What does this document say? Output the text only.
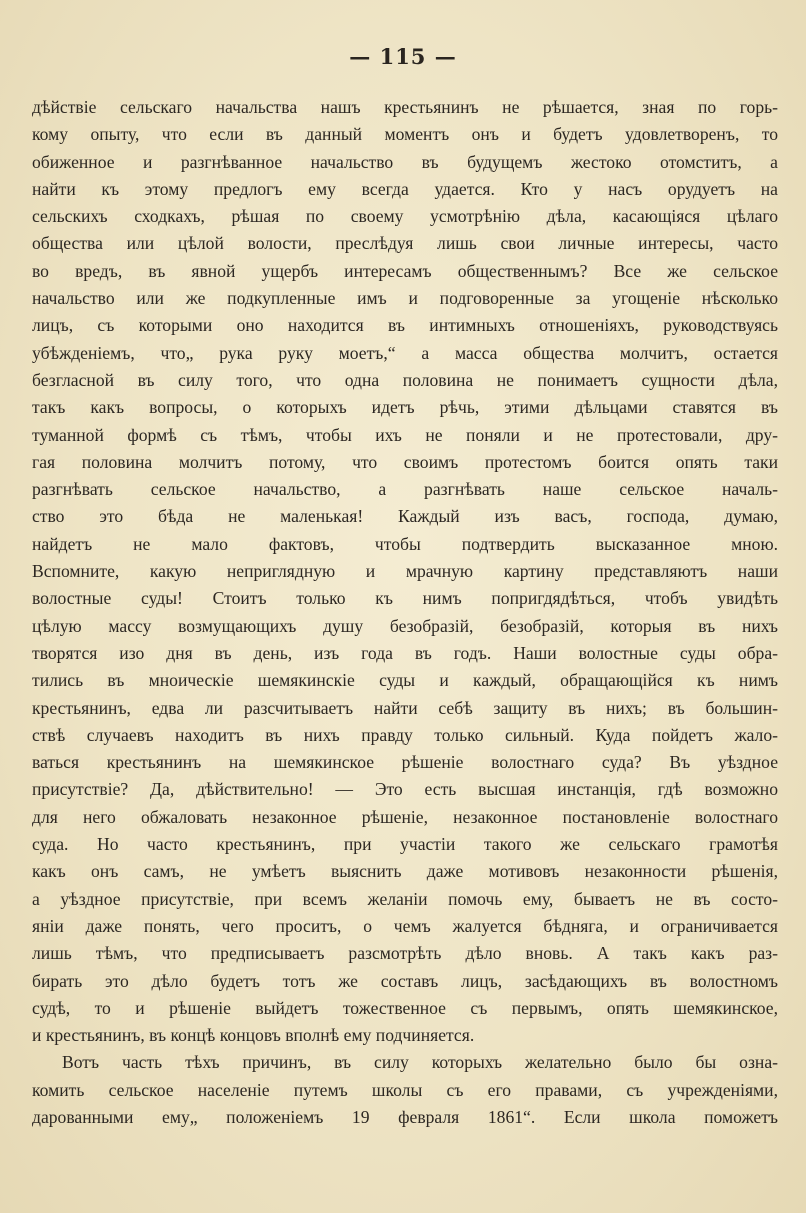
— 115 —
дѣйствіе сельскаго начальства нашъ крестьянинъ не рѣшается, зная по горь-
кому опыту, что если въ данный моментъ онъ и будетъ удовлетворенъ, то
обиженное и разгнѣванное начальство въ будущемъ жестоко отомститъ, а
найти къ этому предлогъ ему всегда удается. Кто у насъ орудуетъ на
сельскихъ сходкахъ, рѣшая по своему усмотрѣнію дѣла, касающіяся цѣлаго
общества или цѣлой волости, преслѣдуя лишь свои личные интересы, часто
во вредъ, въ явной ущербъ интересамъ общественнымъ? Все же сельское
начальство или же подкупленные имъ и подговоренные за угощеніе нѣсколько
лицъ, съ которыми оно находится въ интимныхъ отношеніяхъ, руководствуясь
убѣжденіемъ, что„ рука руку моетъ,“ а масса общества молчитъ, остается
безгласной въ силу того, что одна половина не понимаетъ сущности дѣла,
такъ какъ вопросы, о которыхъ идетъ рѣчь, этими дѣльцами ставятся въ
туманной формѣ съ тѣмъ, чтобы ихъ не поняли и не протестовали, дру-
гая половина молчитъ потому, что своимъ протестомъ боится опять таки
разгнѣвать сельское начальство, а разгнѣвать наше сельское началь-
ство это бѣда не маленькая! Каждый изъ васъ, господа, думаю,
найдетъ не мало фактовъ, чтобы подтвердить высказанное мною.
Вспомните, какую неприглядную и мрачную картину представляютъ наши
волостные суды! Стоитъ только къ нимъ попригдядѣться, чтобъ увидѣть
цѣлую массу возмущающихъ душу безобразій, безобразій, которыя въ нихъ
творятся изо дня въ день, изъ года въ годъ. Наши волостные суды обра-
тились въ мнoическіе шемякинскіе суды и каждый, обращающійся къ нимъ
крестьянинъ, едва ли разсчитываетъ найти себѣ защиту въ нихъ; въ большин-
ствѣ случаевъ находитъ въ нихъ правду только сильный. Куда пойдетъ жало-
ваться крестьянинъ на шемякинское рѣшеніе волостнаго суда? Въ уѣздное
присутствіе? Да, дѣйствительно! — Это есть высшая инстанція, гдѣ возможно
для него обжаловать незаконное рѣшеніе, незаконное постановленіе волостнаго
суда. Но часто крестьянинъ, при участіи такого же сельскаго грамотѣя
какъ онъ самъ, не умѣетъ выяснить даже мотивовъ незаконности рѣшенія,
а уѣздное присутствіе, при всемъ желаніи помочь ему, бываетъ не въ состо-
яніи даже понять, чего проситъ, о чемъ жалуется бѣдняга, и ограничивается
лишь тѣмъ, что предписываетъ разсмотрѣть дѣло вновь. А такъ какъ раз-
бирать это дѣло будетъ тотъ же составъ лицъ, засѣдающихъ въ волостномъ
судѣ, то и рѣшеніе выйдетъ тожественное съ первымъ, опять шемякинское,
и крестьянинъ, въ концѣ концовъ вполнѣ ему подчиняется.
Вотъ часть тѣхъ причинъ, въ силу которыхъ желательно было бы озна-
комить сельское населеніе путемъ школы съ его правами, съ учрежденіями,
дарованными ему„ положеніемъ 19 февраля 1861“. Если школа поможетъ
